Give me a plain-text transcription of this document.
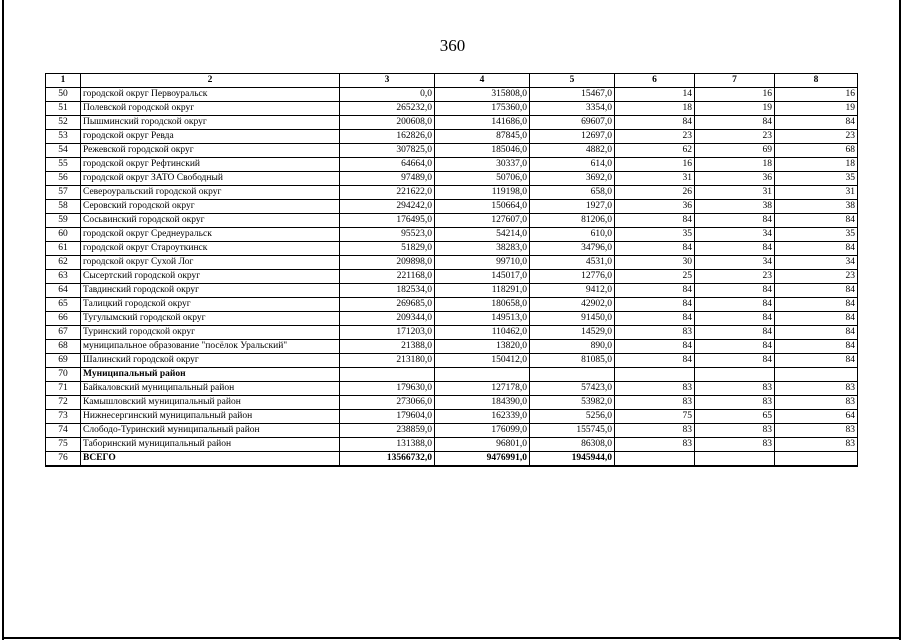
360
1	2	3	4	5	6	7	8
50	городской округ Первоуральск	0,0	315808,0	15467,0	14	16	16
51	Полевской городской округ	265232,0	175360,0	3354,0	18	19	19
52	Пышминский городской округ	200608,0	141686,0	69607,0	84	84	84
53	городской округ Ревда	162826,0	87845,0	12697,0	23	23	23
54	Режевской городской округ	307825,0	185046,0	4882,0	62	69	68
55	городской округ Рефтинский	64664,0	30337,0	614,0	16	18	18
56	городской округ ЗАТО Свободный	97489,0	50706,0	3692,0	31	36	35
57	Североуральский городской округ	221622,0	119198,0	658,0	26	31	31
58	Серовский городской округ	294242,0	150664,0	1927,0	36	38	38
59	Сосьвинский городской округ	176495,0	127607,0	81206,0	84	84	84
60	городской округ Среднеуральск	95523,0	54214,0	610,0	35	34	35
61	городской округ Староуткинск	51829,0	38283,0	34796,0	84	84	84
62	городской округ Сухой Лог	209898,0	99710,0	4531,0	30	34	34
63	Сысертский городской округ	221168,0	145017,0	12776,0	25	23	23
64	Тавдинский городской округ	182534,0	118291,0	9412,0	84	84	84
65	Талицкий городской округ	269685,0	180658,0	42902,0	84	84	84
66	Тугулымский городской округ	209344,0	149513,0	91450,0	84	84	84
67	Туринский городской округ	171203,0	110462,0	14529,0	83	84	84
68	муниципальное образование "посёлок Уральский"	21388,0	13820,0	890,0	84	84	84
69	Шалинский городской округ	213180,0	150412,0	81085,0	84	84	84
70	Муниципальный район						
71	Байкаловский муниципальный район	179630,0	127178,0	57423,0	83	83	83
72	Камышловский муниципальный район	273066,0	184390,0	53982,0	83	83	83
73	Нижнесергинский муниципальный район	179604,0	162339,0	5256,0	75	65	64
74	Слободо-Туринский муниципальный район	238859,0	176099,0	155745,0	83	83	83
75	Таборинский муниципальный район	131388,0	96801,0	86308,0	83	83	83
76	ВСЕГО	13566732,0	9476991,0	1945944,0			
